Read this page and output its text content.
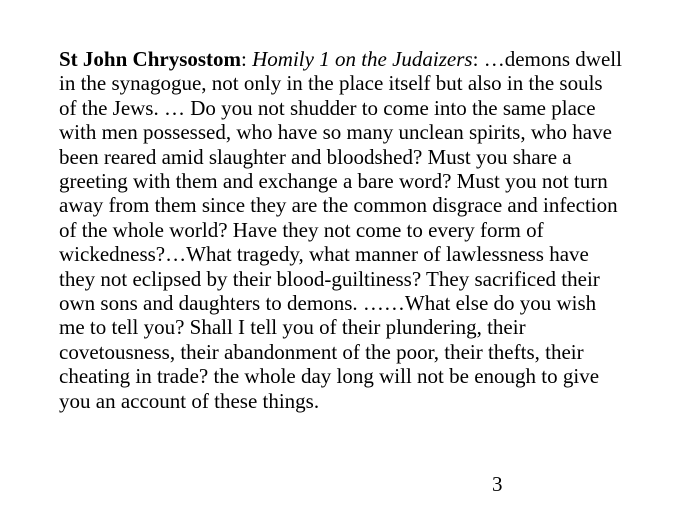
St John Chrysostom: Homily 1 on the Judaizers: …demons dwell in the synagogue, not only in the place itself but also in the souls of the Jews. … Do you not shudder to come into the same place with men possessed, who have so many unclean spirits, who have been reared amid slaughter and bloodshed? Must you share a greeting with them and exchange a bare word? Must you not turn away from them since they are the common disgrace and infection of the whole world? Have they not come to every form of wickedness?…What tragedy, what manner of lawlessness have they not eclipsed by their blood-guiltiness? They sacrificed their own sons and daughters to demons. ……What else do you wish me to tell you? Shall I tell you of their plundering, their covetousness, their abandonment of the poor, their thefts, their cheating in trade? the whole day long will not be enough to give you an account of these things.

3
